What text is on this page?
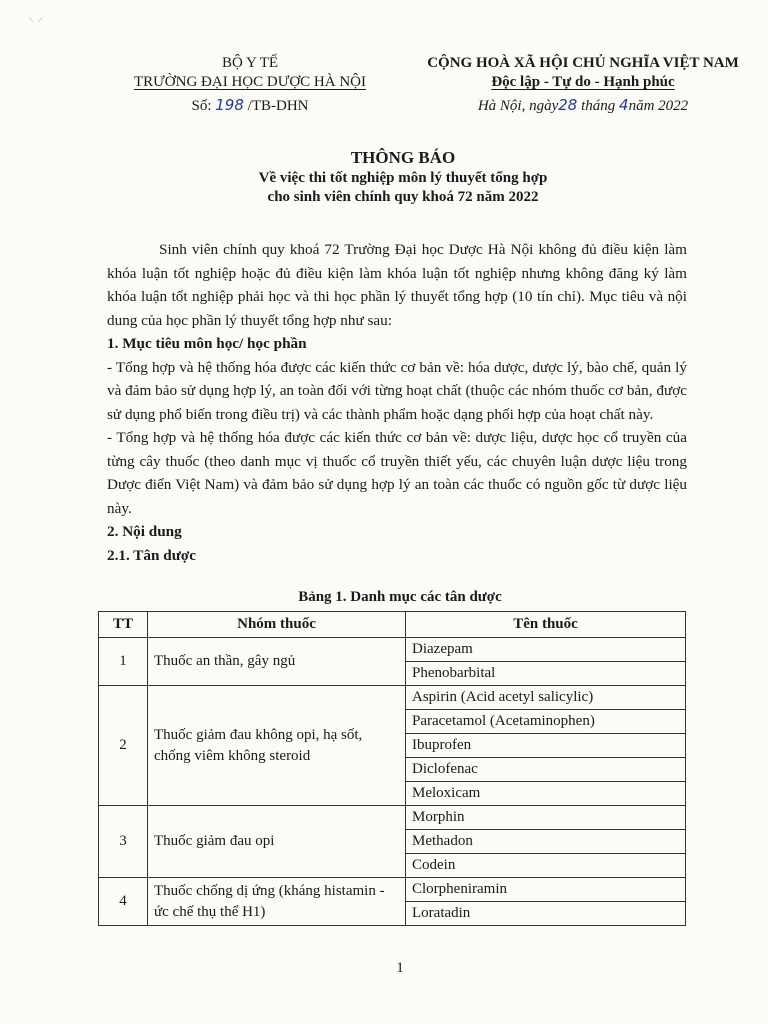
⸜ ⸝
BỘ Y TẾ
TRƯỜNG ĐẠI HỌC DƯỢC HÀ NỘI
Số: 198 /TB-DHN
CỘNG HOÀ XÃ HỘI CHỦ NGHĨA VIỆT NAM
Độc lập - Tự do - Hạnh phúc
Hà Nội, ngày28 tháng 4năm 2022
THÔNG BÁO
Về việc thi tốt nghiệp môn lý thuyết tổng hợp
cho sinh viên chính quy khoá 72 năm 2022

Sinh viên chính quy khoá 72 Trường Đại học Dược Hà Nội không đủ điều kiện làm khóa luận tốt nghiệp hoặc đủ điều kiện làm khóa luận tốt nghiệp nhưng không đăng ký làm khóa luận tốt nghiệp phải học và thi học phần lý thuyết tổng hợp (10 tín chỉ). Mục tiêu và nội dung của học phần lý thuyết tổng hợp như sau:

1. Mục tiêu môn học/ học phần

- Tổng hợp và hệ thống hóa được các kiến thức cơ bản về: hóa dược, dược lý, bào chế, quản lý và đảm bảo sử dụng hợp lý, an toàn đối với từng hoạt chất (thuộc các nhóm thuốc cơ bản, được sử dụng phổ biến trong điều trị) và các thành phẩm hoặc dạng phối hợp của hoạt chất này.

- Tổng hợp và hệ thống hóa được các kiến thức cơ bản về: dược liệu, dược học cổ truyền của từng cây thuốc (theo danh mục vị thuốc cổ truyền thiết yếu, các chuyên luận dược liệu trong Dược điển Việt Nam) và đảm bảo sử dụng hợp lý an toàn các thuốc có nguồn gốc từ dược liệu này.

2. Nội dung

2.1. Tân dược

Bảng 1. Danh mục các tân dược
TT	Nhóm thuốc	Tên thuốc
1	Thuốc an thần, gây ngủ	Diazepam
		Phenobarbital
2	Thuốc giảm đau không opi, hạ sốt, chống viêm không steroid	Aspirin (Acid acetyl salicylic)
		Paracetamol (Acetaminophen)
		Ibuprofen
		Diclofenac
		Meloxicam
3	Thuốc giảm đau opi	Morphin
		Methadon
		Codein
4	Thuốc chống dị ứng (kháng histamin - ức chế thụ thể H1)	Clorpheniramin
		Loratadin
1
